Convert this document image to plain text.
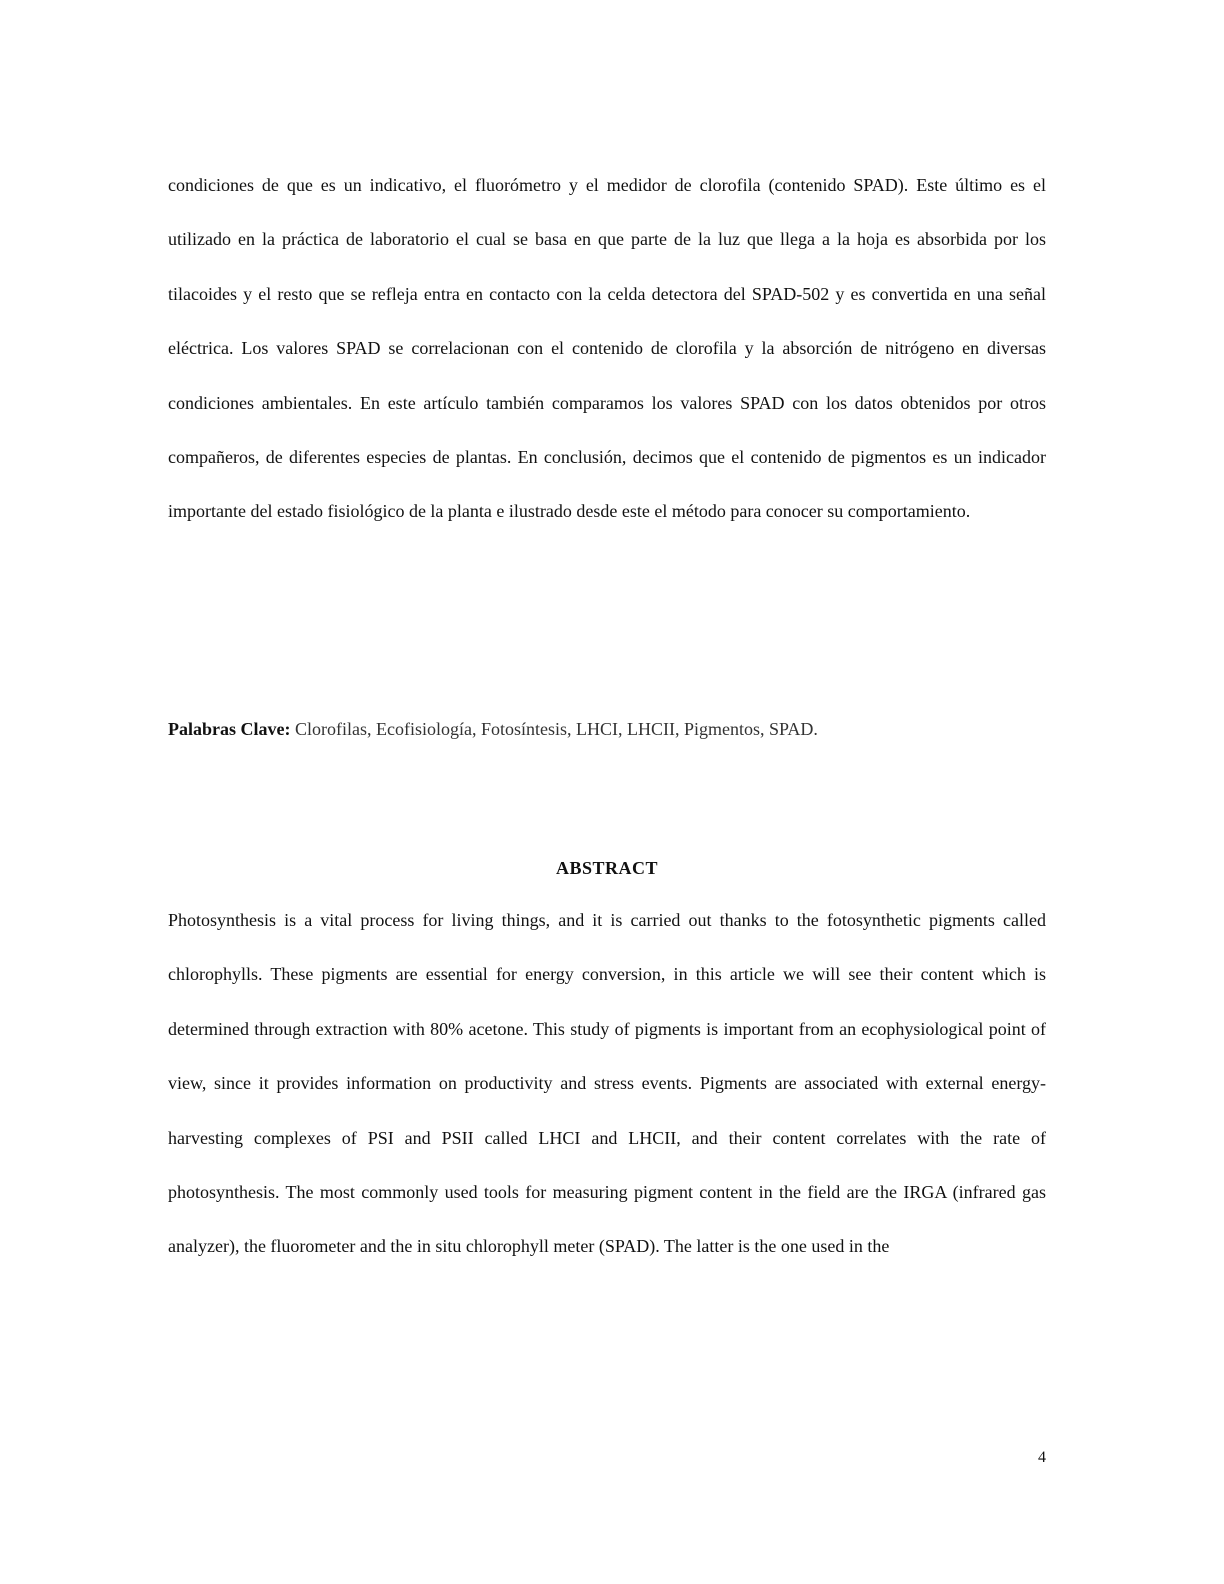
condiciones de que es un indicativo, el fluorómetro y el medidor de clorofila (contenido SPAD). Este último es el utilizado en la práctica de laboratorio el cual se basa en que parte de la luz que llega a la hoja es absorbida por los tilacoides y el resto que se refleja entra en contacto con la celda detectora del SPAD-502 y es convertida en una señal eléctrica. Los valores SPAD se correlacionan con el contenido de clorofila y la absorción de nitrógeno en diversas condiciones ambientales. En este artículo también comparamos los valores SPAD con los datos obtenidos por otros compañeros, de diferentes especies de plantas. En conclusión, decimos que el contenido de pigmentos es un indicador importante del estado fisiológico de la planta e ilustrado desde este el método para conocer su comportamiento.

Palabras Clave: Clorofilas, Ecofisiología, Fotosíntesis, LHCI, LHCII, Pigmentos, SPAD.

ABSTRACT

Photosynthesis is a vital process for living things, and it is carried out thanks to the fotosynthetic pigments called chlorophylls. These pigments are essential for energy conversion, in this article we will see their content which is determined through extraction with 80% acetone. This study of pigments is important from an ecophysiological point of view, since it provides information on productivity and stress events. Pigments are associated with external energy-harvesting complexes of PSI and PSII called LHCI and LHCII, and their content correlates with the rate of photosynthesis. The most commonly used tools for measuring pigment content in the field are the IRGA (infrared gas analyzer), the fluorometer and the in situ chlorophyll meter (SPAD). The latter is the one used in the

4
